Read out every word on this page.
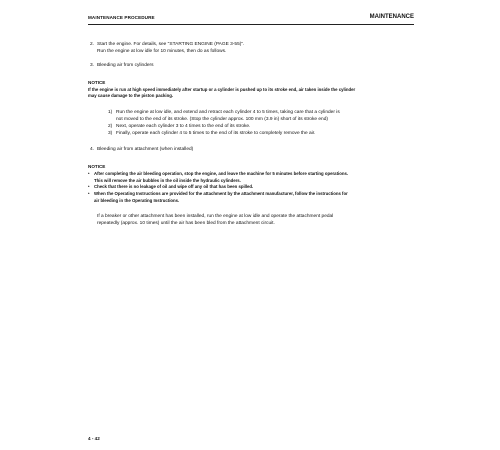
MAINTENANCE PROCEDURE	MAINTENANCE
2. Start the engine. For details, see "STARTING ENGINE (PAGE 3-55)".
Run the engine at low idle for 10 minutes, then do as follows.
3. Bleeding air from cylinders
NOTICE
If the engine is run at high speed immediately after startup or a cylinder is pushed up to its stroke end, air taken inside the cylinder
may cause damage to the piston packing.
1) Run the engine at low idle, and extend and retract each cylinder 4 to 5 times, taking care that a cylinder is
not moved to the end of its stroke. (Stop the cylinder approx. 100 mm (3.9 in) short of its stroke end)
2) Next, operate each cylinder 3 to 4 times to the end of its stroke.
3) Finally, operate each cylinder 4 to 5 times to the end of its stroke to completely remove the air.
4. Bleeding air from attachment (when installed)
NOTICE
• After completing the air bleeding operation, stop the engine, and leave the machine for 5 minutes before starting operations.
This will remove the air bubbles in the oil inside the hydraulic cylinders.
• Check that there is no leakage of oil and wipe off any oil that has been spilled.
• When the Operating Instructions are provided for the attachment by the attachment manufacturer, follow the instructions for
air bleeding in the Operating Instructions.
If a breaker or other attachment has been installed, run the engine at low idle and operate the attachment pedal
repeatedly (approx. 10 times) until the air has been bled from the attachment circuit.
4 - 42
